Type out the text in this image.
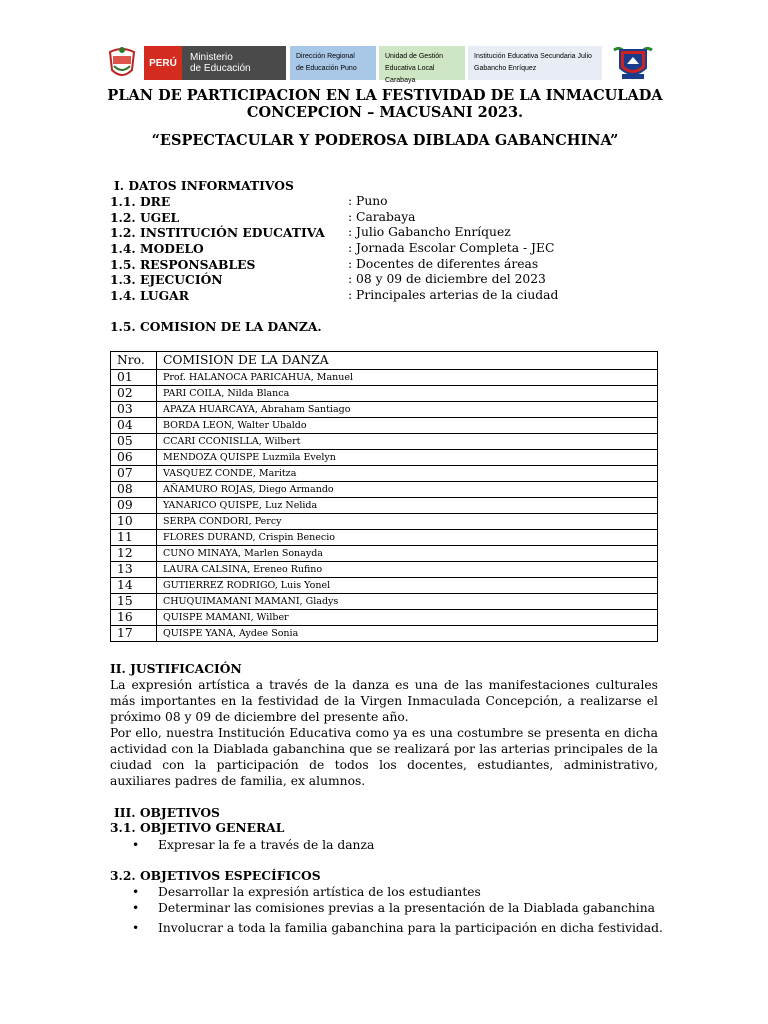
PERÚ	Ministerio
de Educación
Dirección Regional
de Educación Puno
Unidad de Gestión
Educativa Local Carabaya
Institución Educativa Secundaria Julio
Gabancho Enríquez
PLAN DE PARTICIPACION EN LA FESTIVIDAD DE LA INMACULADA
CONCEPCION – MACUSANI 2023.
“ESPECTACULAR Y PODEROSA DIBLADA GABANCHINA”
I. DATOS INFORMATIVOS
1.1. DRE	: Puno
1.2. UGEL	: Carabaya
1.2. INSTITUCIÓN EDUCATIVA : Julio Gabancho Enríquez
1.4. MODELO	: Jornada Escolar Completa - JEC
1.5. RESPONSABLES	: Docentes de diferentes áreas
1.3. EJECUCIÓN	: 08 y 09 de diciembre del 2023
1.4. LUGAR	: Principales arterias de la ciudad
1.5. COMISION DE LA DANZA.
Nro.	COMISION DE LA DANZA
01	Prof. HALANOCA PARICAHUA, Manuel
02	PARI COILA, Nilda Blanca
03	APAZA HUARCAYA, Abraham Santiago
04	BORDA LEON, Walter Ubaldo
05	CCARI CCONISLLA, Wilbert
06	MENDOZA QUISPE Luzmila Evelyn
07	VASQUEZ CONDE, Maritza
08	AÑAMURO ROJAS, Diego Armando
09	YANARICO QUISPE, Luz Nelida
10	SERPA CONDORI, Percy
11	FLORES DURAND, Crispin Benecio
12	CUNO MINAYA, Marlen Sonayda
13	LAURA CALSINA, Ereneo Rufino
14	GUTIERREZ RODRIGO, Luis Yonel
15	CHUQUIMAMANI MAMANI, Gladys
16	QUISPE MAMANI, Wilber
17	QUISPE YANA, Aydee Sonia
II. JUSTIFICACIÓN
La expresión artística a través de la danza es una de las manifestaciones culturales más importantes en la festividad de la Virgen Inmaculada Concepción, a realizarse el próximo 08 y 09 de diciembre del presente año.
Por ello, nuestra Institución Educativa como ya es una costumbre se presenta en dicha actividad con la Diablada gabanchina que se realizará por las arterias principales de la ciudad con la participación de todos los docentes, estudiantes, administrativo, auxiliares padres de familia, ex alumnos.
III. OBJETIVOS
3.1. OBJETIVO GENERAL
• Expresar la fe a través de la danza
3.2. OBJETIVOS ESPECÍFICOS
• Desarrollar la expresión artística de los estudiantes
• Determinar las comisiones previas a la presentación de la Diablada gabanchina
• Involucrar a toda la familia gabanchina para la participación en dicha festividad.
